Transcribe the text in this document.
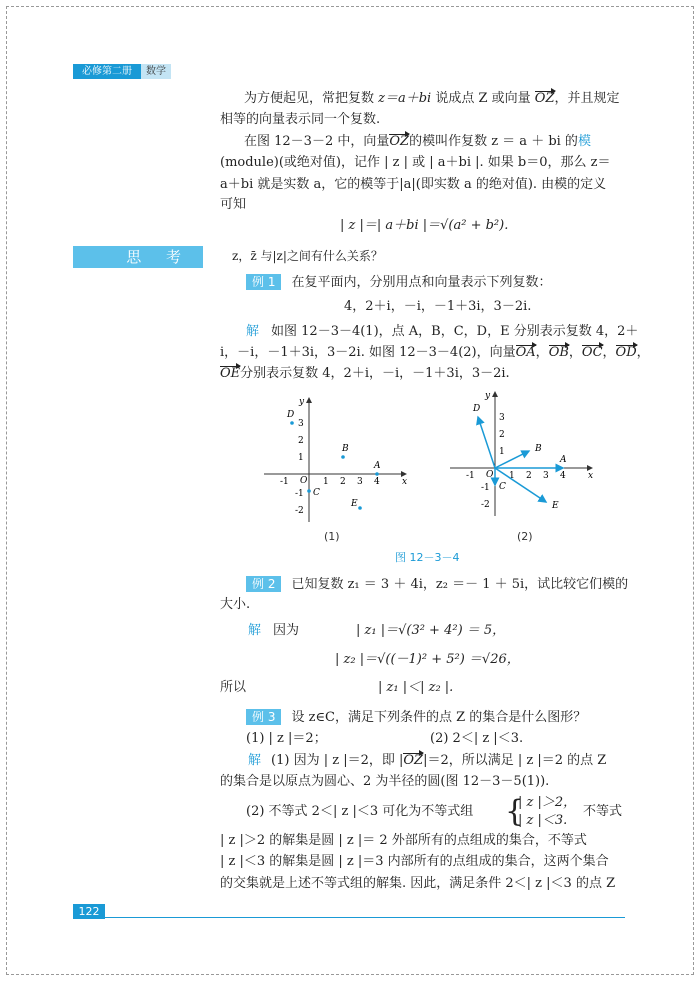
必修第二册	数学
为方便起见，常把复数 z＝a＋bi 说成点 Z 或向量 OZ，并且规定
相等的向量表示同一个复数.
在图 12－3－2 中，向量OZ的模叫作复数 z ＝ a ＋ bi 的模
(module)(或绝对值)，记作 | z | 或 | a＋bi |. 如果 b＝0，那么 z＝
a＋bi 就是实数 a，它的模等于|a|(即实数 a 的绝对值). 由模的定义
可知
| z |＝| a＋bi |＝√(a² + b²).
思 考	z，z̄ 与|z|之间有什么关系？
例 1 在复平面内，分别用点和向量表示下列复数：
4，2＋i，－i，－1＋3i，3－2i.
解 如图 12－3－4(1)，点 A，B，C，D，E 分别表示复数 4，2＋
i，－i，－1＋3i，3－2i. 如图 12－3－4(2)，向量OA，OB，OC，OD，
OE分别表示复数 4，2＋i，－i，－1＋3i，3－2i.
x
y
O
-1	1 2 3 4
3
2
1
-1
-2
A
B
C
D
E
x
y
O
-1	1 2 3 4
3
2
1
-1
-2
A
B
C
D
E
(1)	(2)
图 12－3－4
例 2 已知复数 z₁ ＝ 3 ＋ 4i，z₂ ＝－ 1 ＋ 5i，试比较它们模的
大小.
解 因为	| z₁ |＝√(3² + 4²) ＝ 5，
| z₂ |＝√((－1)² + 5²) ＝√26，
所以	| z₁ |＜| z₂ |.
例 3 设 z∈C，满足下列条件的点 Z 的集合是什么图形？
(1) | z |＝2；	(2) 2＜| z |＜3.
解 (1) 因为 | z |＝2，即 |OZ|＝2，所以满足 | z |＝2 的点 Z
的集合是以原点为圆心、2 为半径的圆(图 12－3－5(1)).
(2) 不等式 2＜| z |＜3 可化为不等式组 {
| z |＞2，
| z |＜3.
不等式
| z |＞2 的解集是圆 | z |＝ 2 外部所有的点组成的集合，不等式
| z |＜3 的解集是圆 | z |＝3 内部所有的点组成的集合，这两个集合
的交集就是上述不等式组的解集. 因此，满足条件 2＜| z |＜3 的点 Z
122
